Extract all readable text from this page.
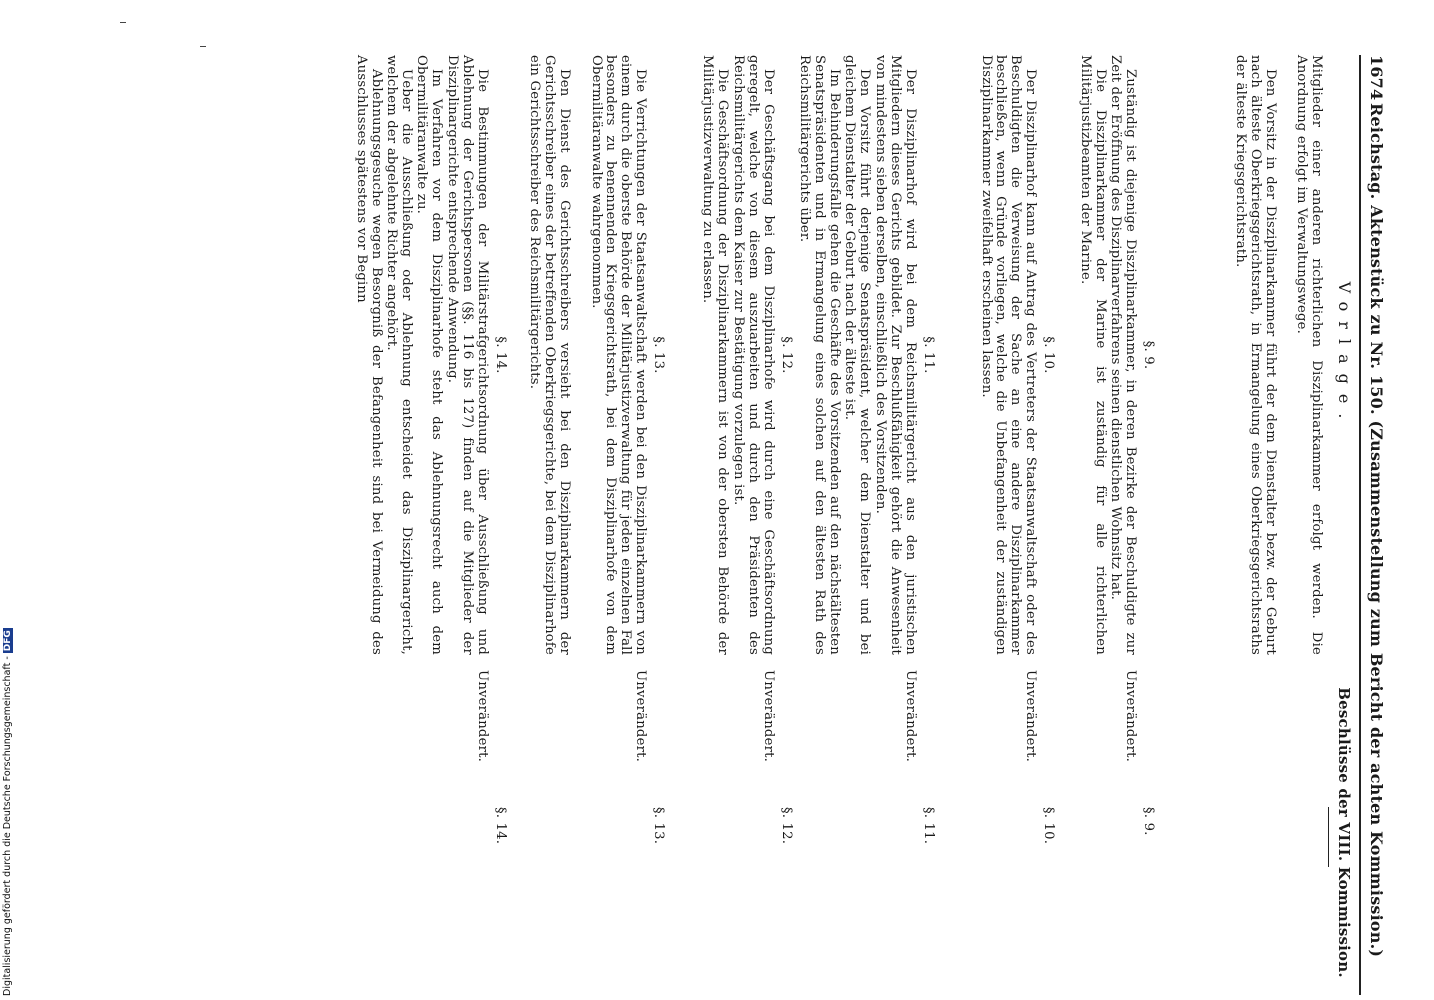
1674
Reichstag. Aktenstück zu Nr. 150. (Zusammenstellung zum Bericht der achten Kommission.)
Vorlage.
Beschlüsse der VIII. Kommission.
Mitglieder einer anderen richterlichen Disziplinarkammer erfolgt werden. Die Anordnung erfolgt im Verwaltungswege.
Den Vorsitz in der Disziplinarkammer führt der dem Dienstalter bezw. der Geburt nach älteste Oberkriegsgerichtsrath, in Ermangelung eines Oberkriegsgerichtsraths der älteste Kriegsgerichtsrath.
§. 9.
Zuständig ist diejenige Disziplinarkammer, in deren Bezirke der Beschuldigte zur Zeit der Eröffnung des Disziplinarverfahrens seinen dienstlichen Wohnsitz hat.
Die Disziplinarkammer der Marine ist zuständig für alle richterlichen Militärjustizbeamten der Marine.
§. 10.
Der Disziplinarhof kann auf Antrag des Vertreters der Staatsanwaltschaft oder des Beschuldigten die Verweisung der Sache an eine andere Disziplinarkammer beschließen, wenn Gründe vorliegen, welche die Unbefangenheit der zuständigen Disziplinarkammer zweifelhaft erscheinen lassen.
§. 11.
Der Disziplinarhof wird bei dem Reichsmilitärgericht aus den juristischen Mitgliedern dieses Gerichts gebildet. Zur Beschlußfähigkeit gehört die Anwesenheit von mindestens sieben derselben, einschließlich des Vorsitzenden.
Den Vorsitz führt derjenige Senatspräsident, welcher dem Dienstalter und bei gleichem Dienstalter der Geburt nach der älteste ist.
Im Behinderungsfalle gehen die Geschäfte des Vorsitzenden auf den nächstältesten Senatspräsidenten und in Ermangelung eines solchen auf den ältesten Rath des Reichsmilitärgerichts über.
§. 12.
Der Geschäftsgang bei dem Disziplinarhofe wird durch eine Geschäftsordnung geregelt, welche von diesem auszuarbeiten und durch den Präsidenten des Reichsmilitärgerichts dem Kaiser zur Bestätigung vorzulegen ist.
Die Geschäftsordnung der Disziplinarkammern ist von der obersten Behörde der Militärjustizverwaltung zu erlassen.
§. 13.
Die Verrichtungen der Staatsanwaltschaft werden bei den Disziplinarkammern von einem durch die oberste Behörde der Militärjustizverwaltung für jeden einzelnen Fall besonders zu benennenden Kriegsgerichtsrath, bei dem Disziplinarhofe von dem Obermilitäranwalte wahrgenommen.
Den Dienst des Gerichtsschreibers versieht bei den Disziplinarkammern der Gerichtsschreiber eines der betreffenden Oberkriegsgerichte, bei dem Disziplinarhofe ein Gerichtsschreiber des Reichsmilitärgerichts.
§. 14.
Die Bestimmungen der Militärstrafgerichtsordnung über Ausschließung und Ablehnung der Gerichtspersonen (§§. 116 bis 127) finden auf die Mitglieder der Disziplinargerichte entsprechende Anwendung.
Im Verfahren vor dem Disziplinarhofe steht das Ablehnungsrecht auch dem Obermilitäranwalte zu.
Ueber die Ausschließung oder Ablehnung entscheidet das Disziplinargericht, welchem der abgelehnte Richter angehört.
Ablehnungsgesuche wegen Besorgniß der Befangenheit sind bei Vermeidung des Ausschlusses spätestens vor Beginn
Unverändert.
§. 9.
Unverändert.
§. 10.
Unverändert.
§. 11.
Unverändert.
§. 12.
Unverändert.
§. 13.
Unverändert.
§. 14.
Digitalisierung gefördert durch die Deutsche Forschungsgemeinschaft -DFG
